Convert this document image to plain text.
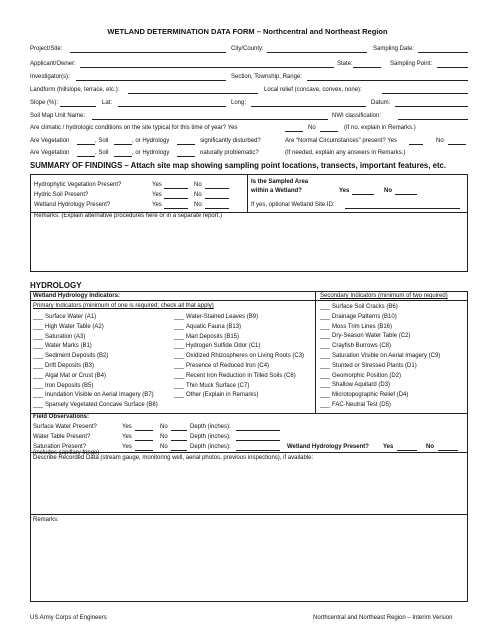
WETLAND DETERMINATION DATA FORM – Northcentral and Northeast Region
Project/Site:	City/County:	Sampling Date:
Applicant/Owner:	State:	Sampling Point:
Investigator(s):	Section, Township, Range:
Landform (hillslope, terrace, etc.):	Local relief (concave, convex, none):
Slope (%):	Lat:	Long:	Datum:
Soil Map Unit Name:	NWI classification:
Are climatic / hydrologic conditions on the site typical for this time of year? Yes	No	(If no, explain in Remarks.)
Are Vegetation	, Soil	, or Hydrology	significantly disturbed?	Are “Normal Circumstances” present? Yes	No
Are Vegetation	, Soil	, or Hydrology	naturally problematic?	(If needed, explain any answers in Remarks.)
SUMMARY OF FINDINGS – Attach site map showing sampling point locations, transects, important features, etc.
Hydrophytic Vegetation Present?	Yes	No
Hydric Soil Present?	Yes	No
Wetland Hydrology Present?	Yes	No
Is the Sampled Area
within a Wetland?	Yes	No
If yes, optional Wetland Site ID:
Remarks: (Explain alternative procedures here or in a separate report.)
HYDROLOGY
Wetland Hydrology Indicators:	Secondary Indicators (minimum of two required)
Primary Indicators (minimum of one is required; check all that apply)
___ Surface Water (A1)
___ High Water Table (A2)
___ Saturation (A3)
___ Water Marks (B1)
___ Sediment Deposits (B2)
___ Drift Deposits (B3)
___ Algal Mat or Crust (B4)
___ Iron Deposits (B5)
___ Inundation Visible on Aerial Imagery (B7)
___ Sparsely Vegetated Concave Surface (B8)
___ Water-Stained Leaves (B9)
___ Aquatic Fauna (B13)
___ Marl Deposits (B15)
___ Hydrogen Sulfide Odor (C1)
___ Oxidized Rhizospheres on Living Roots (C3)
___ Presence of Reduced Iron (C4)
___ Recent Iron Reduction in Tilled Soils (C6)
___ Thin Muck Surface (C7)
___ Other (Explain in Remarks)
___ Surface Soil Cracks (B6)
___ Drainage Patterns (B10)
___ Moss Trim Lines (B16)
___ Dry-Season Water Table (C2)
___ Crayfish Burrows (C8)
___ Saturation Visible on Aerial Imagery (C9)
___ Stunted or Stressed Plants (D1)
___ Geomorphic Position (D2)
___ Shallow Aquitard (D3)
___ Microtopographic Relief (D4)
___ FAC-Neutral Test (D5)
Field Observations:
Surface Water Present?	Yes	No	Depth (inches):
Water Table Present?	Yes	No	Depth (inches):
Saturation Present?
(includes capillary fringe)
Yes	No	Depth (inches):	Wetland Hydrology Present? Yes	No
Describe Recorded Data (stream gauge, monitoring well, aerial photos, previous inspections), if available:
Remarks:
US Army Corps of Engineers	Northcentral and Northeast Region – Interim Version
